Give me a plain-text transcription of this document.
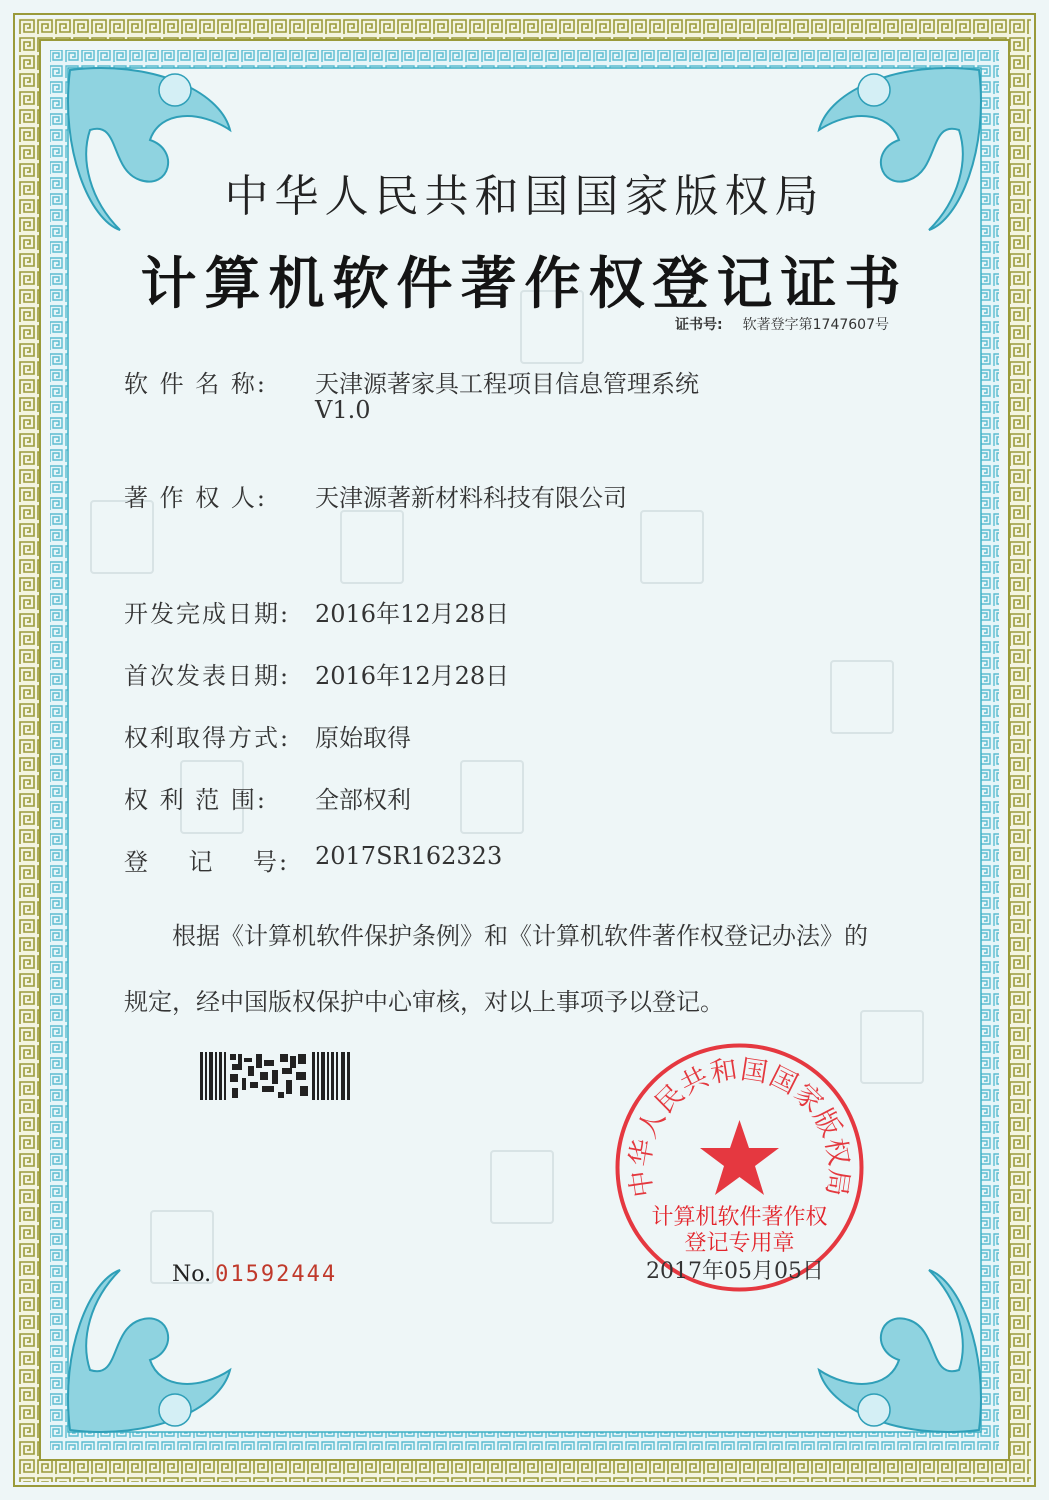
中华人民共和国国家版权局
计算机软件著作权登记证书
证书号: 软著登字第1747607号
软 件 名 称: 天津源著家具工程项目信息管理系统
V1.0
著 作 权 人: 天津源著新材料科技有限公司
开发完成日期: 2016年12月28日
首次发表日期: 2016年12月28日
权利取得方式: 原始取得
权 利 范 围: 全部权利
登    记    号: 2017SR162323
根据《计算机软件保护条例》和《计算机软件著作权登记办法》的
规定，经中国版权保护中心审核，对以上事项予以登记。
中华人民共和国国家版权局
计算机软件著作权
登记专用章
No. 01592444	2017年05月05日
